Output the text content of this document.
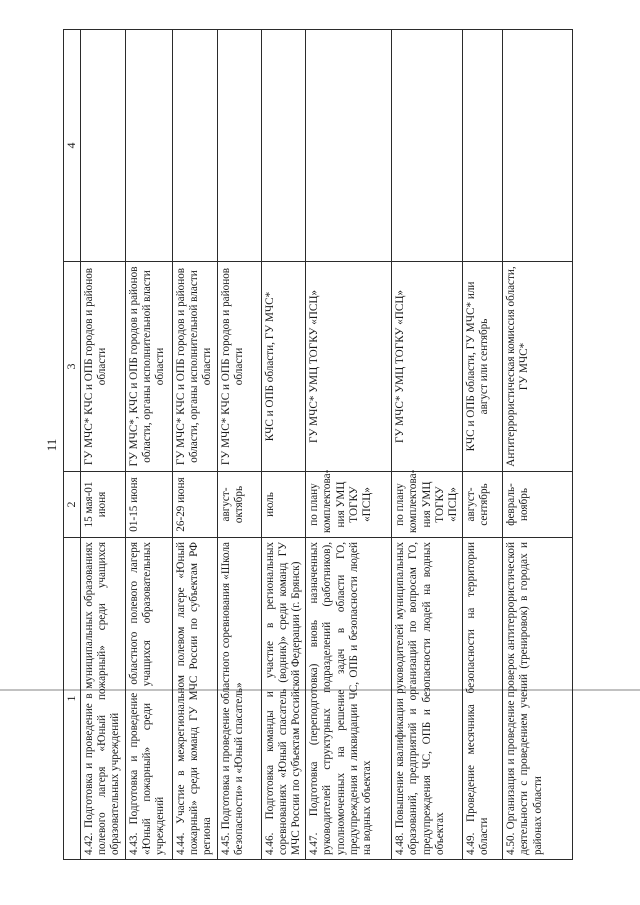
11
1	2	3	4
4.42. Подготовка и проведение в муниципальных образованиях полевого лагеря «Юный пожарный» среди учащихся образовательных учреждений	15 мая-01 июня	ГУ МЧС* КЧС и ОПБ городов и районов области	
4.43. Подготовка и проведение областного полевого лагеря «Юный пожарный» среди учащихся образовательных учреждений	01-15 июня	ГУ МЧС*, КЧС и ОПБ городов и районов области, органы исполнительной власти области	
4.44. Участие в межрегиональном полевом лагере «Юный пожарный» среди команд ГУ МЧС России по субъектам РФ региона	26-29 июня	ГУ МЧС* КЧС и ОПБ городов и районов области, органы исполнительной власти области	
4.45. Подготовка и проведение областного соревнования «Школа безопасности» и «Юный спасатель»	август-октябрь	ГУ МЧС* КЧС и ОПБ городов и районов области	
4.46. Подготовка команды и участие в региональных соревнованиях «Юный спасатель (водник)» среди команд ГУ МЧС России по субъектам Российской Федерации (г. Брянск)	июль	КЧС и ОПБ области, ГУ МЧС*	
4.47. Подготовка (переподготовка) вновь назначенных руководителей структурных подразделений (работников), уполномоченных на решение задач в области ГО, предупреждения и ликвидации ЧС, ОПБ и безопасности людей на водных объектах	по плану комплектова-ния УМЦ ТОГКУ «ПСЦ»	ГУ МЧС* УМЦ ТОГКУ «ПСЦ»	
4.48. Повышение квалификации руководителей муниципальных образований, предприятий и организаций по вопросам ГО, предупреждения ЧС, ОПБ и безопасности людей на водных объектах	по плану комплектова-ния УМЦ ТОГКУ «ПСЦ»	ГУ МЧС* УМЦ ТОГКУ «ПСЦ»	
4.49. Проведение месячника безопасности на территории области	август-сентябрь	КЧС и ОПБ области, ГУ МЧС* или август или сентябрь	
4.50. Организация и проведение проверок антитеррористической деятельности с проведением учений (тренировок) в городах и районах области	февраль-ноябрь	Антитеррористическая комиссия области, ГУ МЧС*	
